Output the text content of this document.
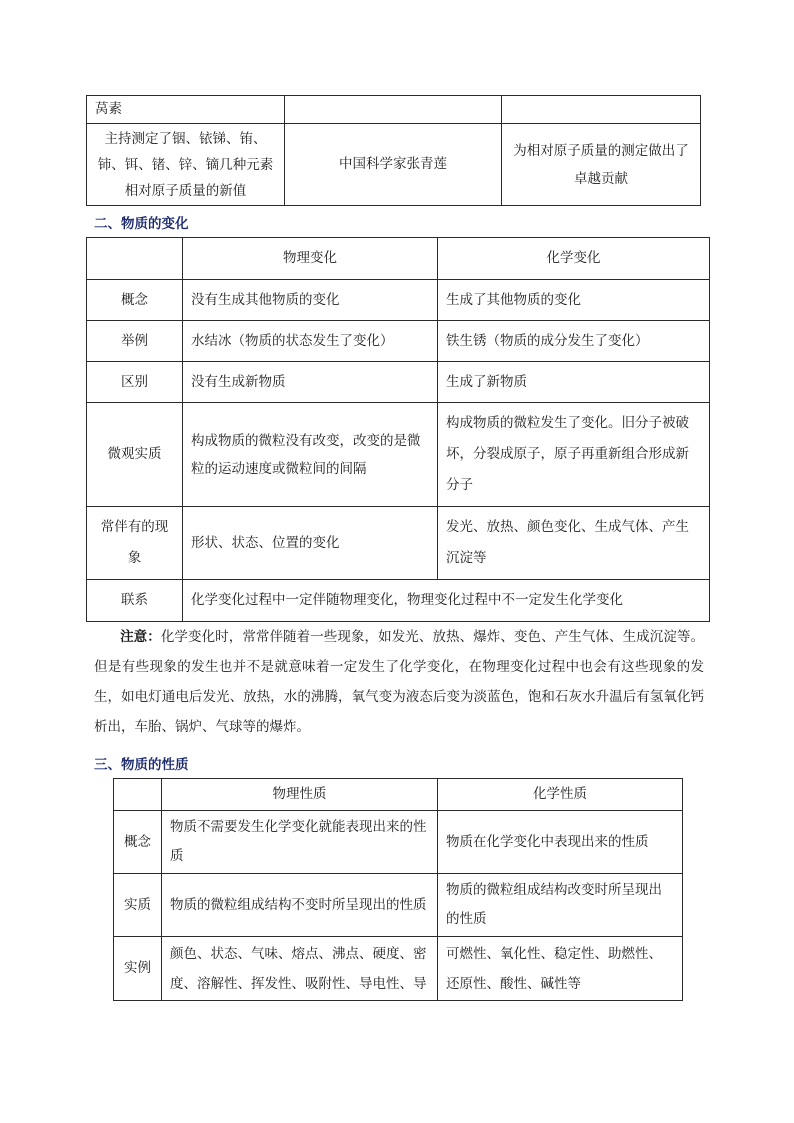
莴素		
主持测定了铟、铱锑、铕、铈、铒、锗、锌、镝几种元素相对原子质量的新值	中国科学家张青莲	为相对原子质量的测定做出了卓越贡献
二、物质的变化
	物理变化	化学变化
概念	没有生成其他物质的变化	生成了其他物质的变化
举例	水结冰（物质的状态发生了变化）	铁生锈（物质的成分发生了变化）
区别	没有生成新物质	生成了新物质
微观实质	构成物质的微粒没有改变，改变的是微粒的运动速度或微粒间的间隔	构成物质的微粒发生了变化。旧分子被破坏，分裂成原子，原子再重新组合形成新分子
常伴有的现象	形状、状态、位置的变化	发光、放热、颜色变化、生成气体、产生沉淀等
联系	化学变化过程中一定伴随物理变化，物理变化过程中不一定发生化学变化	
注意：化学变化时，常常伴随着一些现象，如发光、放热、爆炸、变色、产生气体、生成沉淀等。但是有些现象的发生也并不是就意味着一定发生了化学变化，在物理变化过程中也会有这些现象的发生，如电灯通电后发光、放热，水的沸腾，氧气变为液态后变为淡蓝色，饱和石灰水升温后有氢氧化钙析出，车胎、锅炉、气球等的爆炸。
三、物质的性质
	物理性质	化学性质
概念	物质不需要发生化学变化就能表现出来的性质	物质在化学变化中表现出来的性质
实质	物质的微粒组成结构不变时所呈现出的性质	物质的微粒组成结构改变时所呈现出的性质
实例	颜色、状态、气味、熔点、沸点、硬度、密度、溶解性、挥发性、吸附性、导电性、导	可燃性、氧化性、稳定性、助燃性、还原性、酸性、碱性等
